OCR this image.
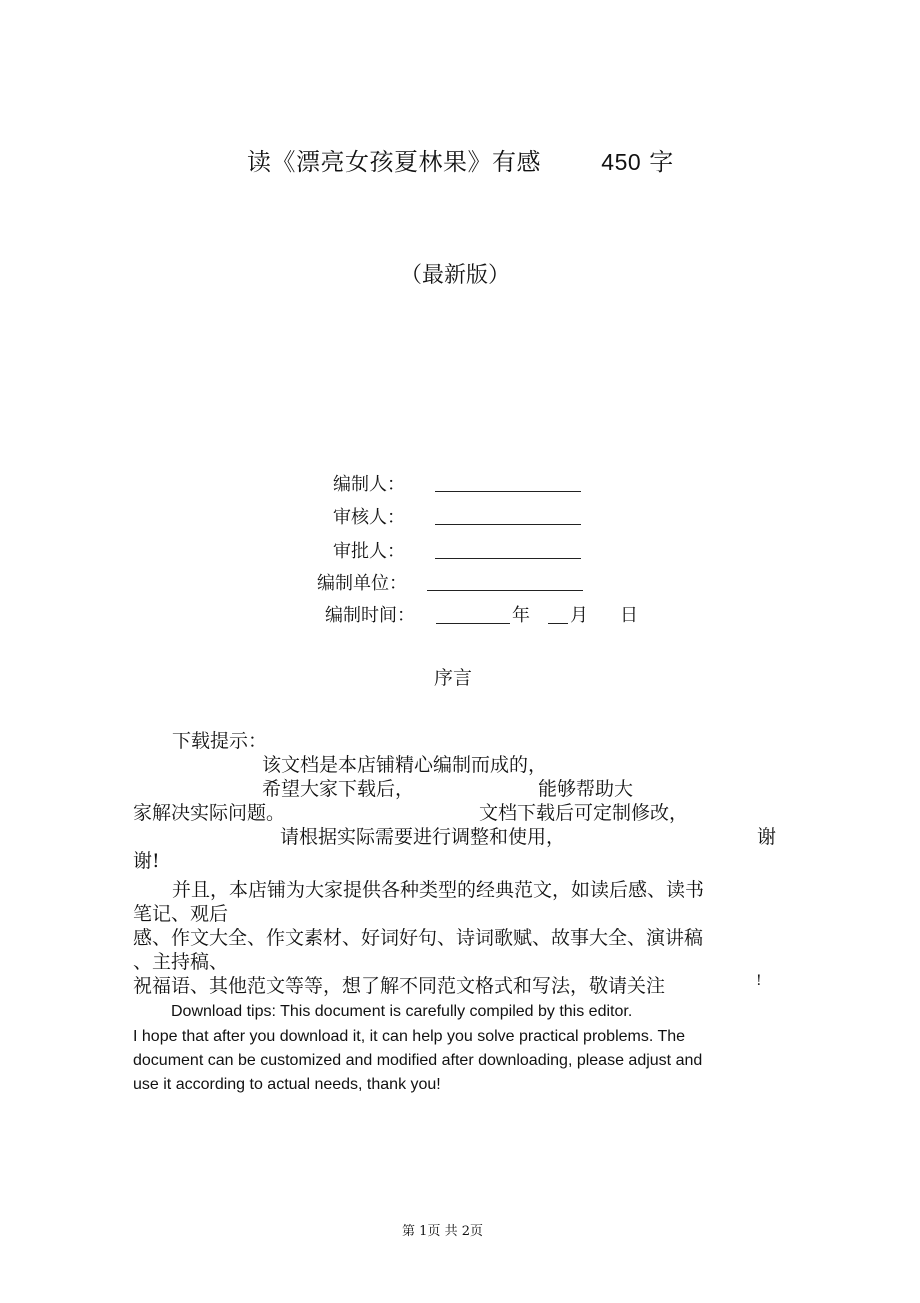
读《漂亮女孩夏林果》有感	450 字
（最新版）
编制人：
审核人：
审批人：
编制单位：
编制时间：	年 月 日
序言
下载提示：
该文档是本店铺精心编制而成的，
希望大家下载后，	能够帮助大
家解决实际问题。	文档下载后可定制修改，
请根据实际需要进行调整和使用，	谢
谢!
并且，本店铺为大家提供各种类型的经典范文，如读后感、读书
笔记、观后
感、作文大全、作文素材、好词好句、诗词歌赋、故事大全、演讲稿
、主持稿、
祝福语、其他范文等等，想了解不同范文格式和写法，敬请关注	!
Download tips: This document is carefully compiled by this editor.
I hope that after you download it, it can help you solve practical problems. The
document can be customized and modified after downloading, please adjust and
use it according to actual needs, thank you!
第 1页 共 2页
